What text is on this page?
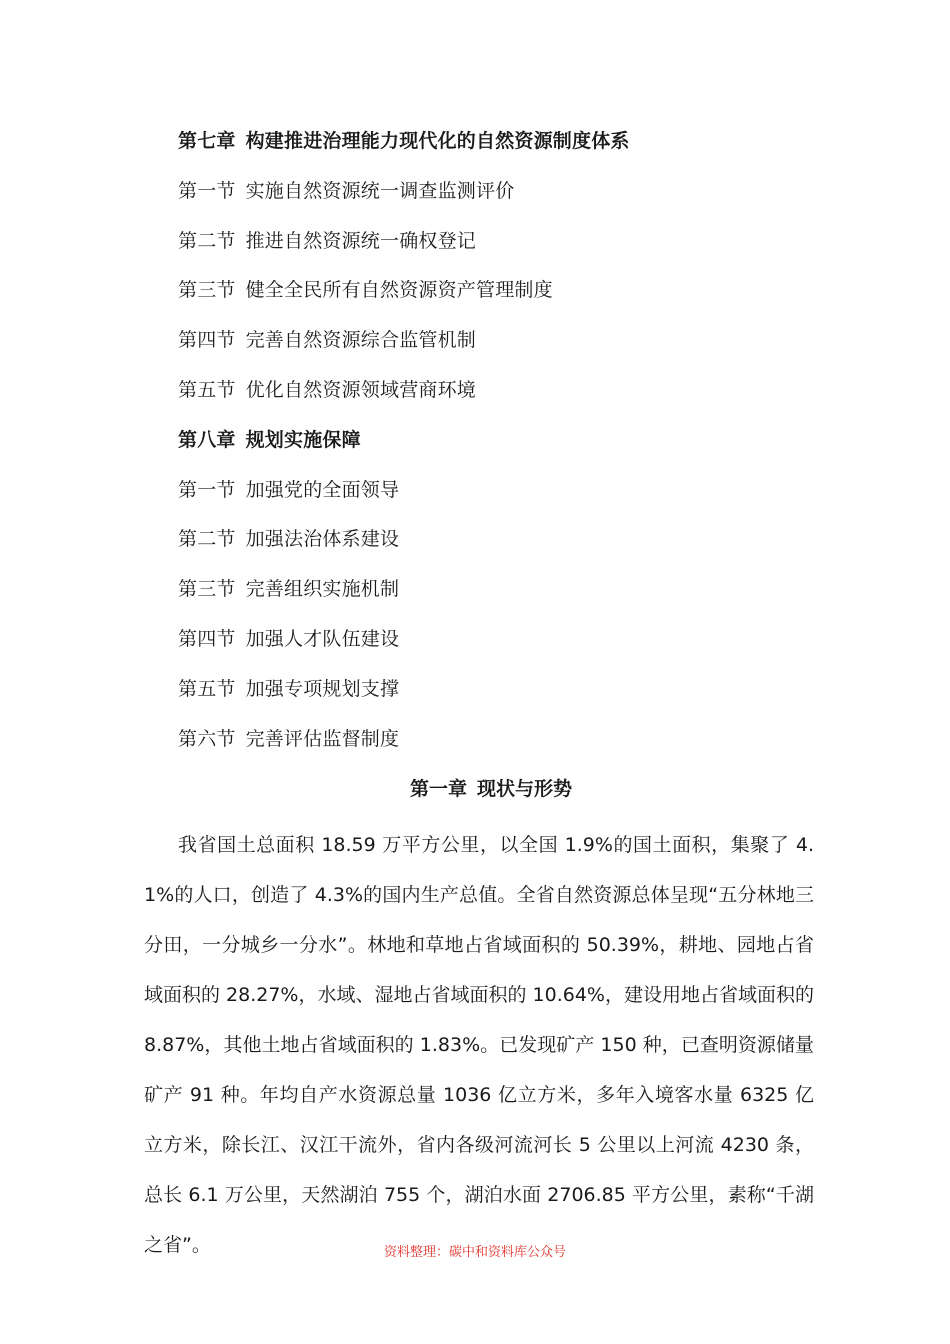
第七章 构建推进治理能力现代化的自然资源制度体系
第一节 实施自然资源统一调查监测评价
第二节 推进自然资源统一确权登记
第三节 健全全民所有自然资源资产管理制度
第四节 完善自然资源综合监管机制
第五节 优化自然资源领域营商环境
第八章 规划实施保障
第一节 加强党的全面领导
第二节 加强法治体系建设
第三节 完善组织实施机制
第四节 加强人才队伍建设
第五节 加强专项规划支撑
第六节 完善评估监督制度
第一章 现状与形势

我省国土总面积 18.59 万平方公里，以全国 1.9%的国土面积，集聚了 4.1%的人口，创造了 4.3%的国内生产总值。全省自然资源总体呈现“五分林地三分田，一分城乡一分水”。林地和草地占省域面积的 50.39%，耕地、园地占省域面积的 28.27%，水域、湿地占省域面积的 10.64%，建设用地占省域面积的 8.87%，其他土地占省域面积的 1.83%。已发现矿产 150 种，已查明资源储量矿产 91 种。年均自产水资源总量 1036 亿立方米，多年入境客水量 6325 亿立方米，除长江、汉江干流外，省内各级河流河长 5 公里以上河流 4230 条，总长 6.1 万公里，天然湖泊 755 个，湖泊水面 2706.85 平方公里，素称“千湖之省”。	资料整理：碳中和资料库公众号
